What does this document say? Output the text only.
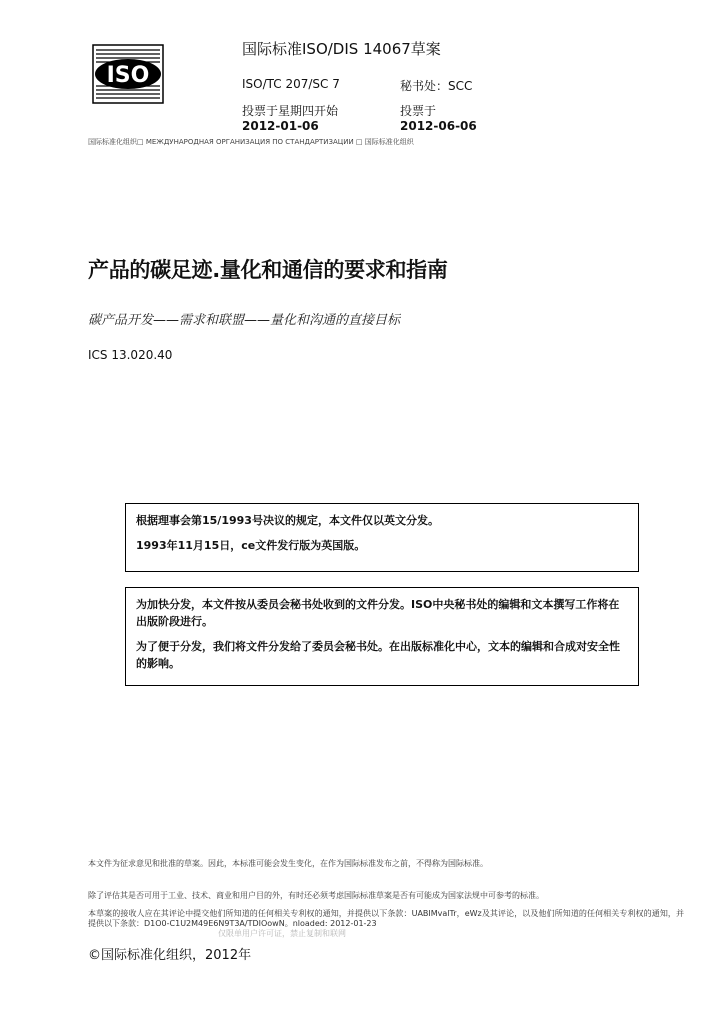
ISO
国际标准ISO/DIS 14067草案
ISO/TC 207/SC 7	秘书处：SCC
投票于星期四开始
2012-01-06
投票于
2012-06-06
国际标准化组织□ МЕЖДУНАРОДНАЯ ОРГАНИЗАЦИЯ ПО СТАНДАРТИЗАЦИИ □ 国际标准化组织
产品的碳足迹.量化和通信的要求和指南
碳产品开发——需求和联盟——量化和沟通的直接目标
ICS 13.020.40

根据理事会第15/1993号决议的规定，本文件仅以英文分发。

1993年11月15日，ce文件发行版为英国版。

为加快分发，本文件按从委员会秘书处收到的文件分发。ISO中央秘书处的编辑和文本撰写工作将在出版阶段进行。

为了便于分发，我们将文件分发给了委员会秘书处。在出版标准化中心，文本的编辑和合成对安全性的影响。

本文件为征求意见和批准的草案。因此，本标准可能会发生变化，在作为国际标准发布之前，不得称为国际标准。
除了评估其是否可用于工业、技术、商业和用户目的外，有时还必须考虑国际标准草案是否有可能成为国家法规中可参考的标准。
本草案的接收人应在其评论中提交他们所知道的任何相关专利权的通知，并提供以下条款：UABIMvalTr，eWz及其评论，以及他们所知道的任何相关专利权的通知，并提供以下条款：D1O0-C1U2M49E6N9T3A/TDIOowN。nloaded: 2012-01-23
仅限单用户许可证，禁止复制和联网
©国际标准化组织，2012年
